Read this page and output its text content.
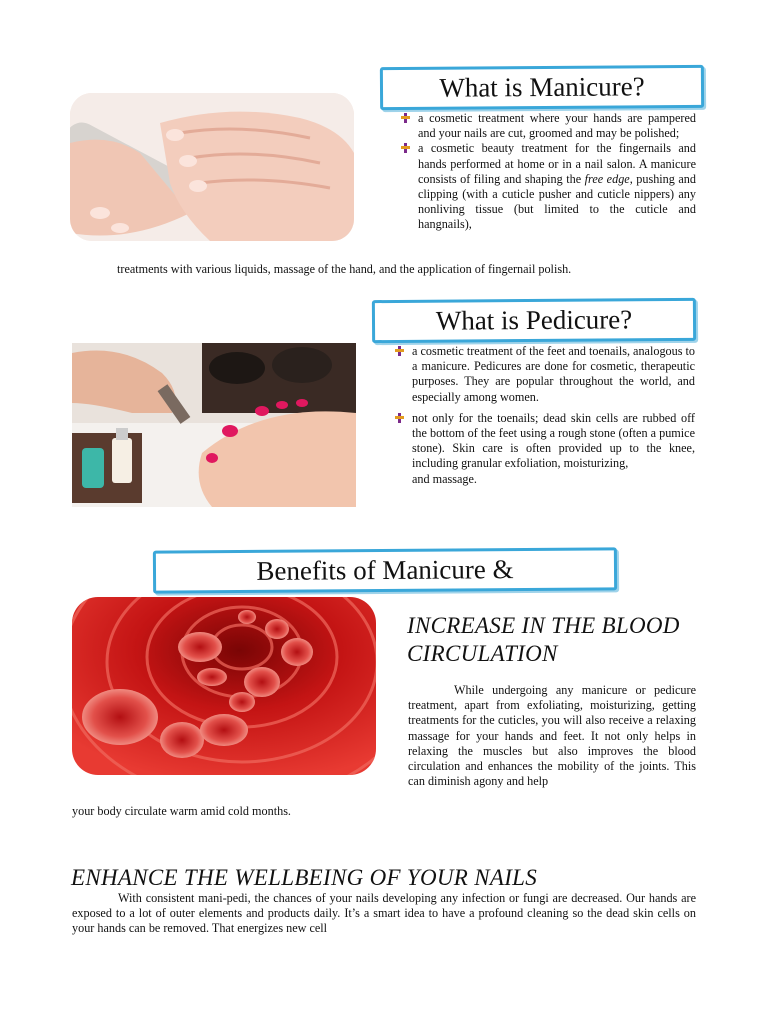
What is Manicure?
a cosmetic treatment where your hands are pampered and your nails are cut, groomed and may be polished;
a cosmetic beauty treatment for the fingernails and hands performed at home or in a nail salon. A manicure consists of filing and shaping the free edge, pushing and clipping (with a cuticle pusher and cuticle nippers) any nonliving tissue (but limited to the cuticle and hangnails),
treatments with various liquids, massage of the hand, and the application of fingernail polish.
What is Pedicure?
a cosmetic treatment of the feet and toenails, analogous to a manicure. Pedicures are done for cosmetic, therapeutic purposes. They are popular throughout the world, and especially among women.
not only for the toenails; dead skin cells are rubbed off the bottom of the feet using a rough stone (often a pumice stone). Skin care is often provided up to the knee, including granular exfoliation, moisturizing,
and massage.
Benefits of Manicure &
INCREASE IN THE BLOOD CIRCULATION
While undergoing any manicure or pedicure treatment, apart from exfoliating, moisturizing, getting treatments for the cuticles, you will also receive a relaxing massage for your hands and feet. It not only helps in relaxing the muscles but also improves the blood circulation and enhances the mobility of the joints. This can diminish agony and help
your body circulate warm amid cold months.
ENHANCE THE WELLBEING OF YOUR NAILS
With consistent mani-pedi, the chances of your nails developing any infection or fungi are decreased. Our hands are exposed to a lot of outer elements and products daily. It’s a smart idea to have a profound cleaning so the dead skin cells on your hands can be removed. That energizes new cell
